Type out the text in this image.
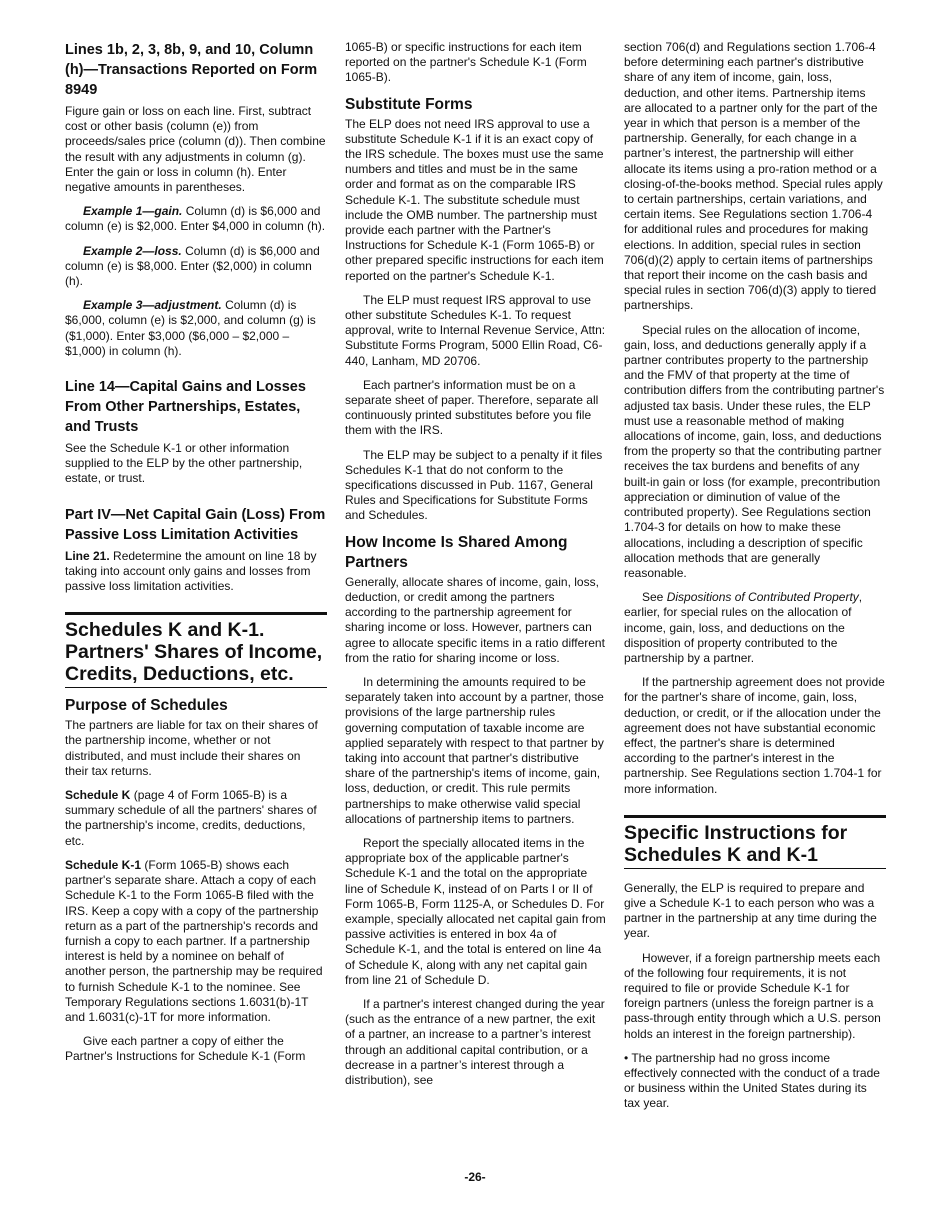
Lines 1b, 2, 3, 8b, 9, and 10, Column (h)—Transactions Reported on Form 8949

Figure gain or loss on each line. First, subtract cost or other basis (column (e)) from proceeds/sales price (column (d)). Then combine the result with any adjustments in column (g). Enter the gain or loss in column (h). Enter negative amounts in parentheses.

Example 1—gain. Column (d) is $6,000 and column (e) is $2,000. Enter $4,000 in column (h).

Example 2—loss. Column (d) is $6,000 and column (e) is $8,000. Enter ($2,000) in column (h).

Example 3—adjustment. Column (d) is $6,000, column (e) is $2,000, and column (g) is ($1,000). Enter $3,000 ($6,000 – $2,000 – $1,000) in column (h).

Line 14—Capital Gains and Losses From Other Partnerships, Estates, and Trusts

See the Schedule K-1 or other information supplied to the ELP by the other partnership, estate, or trust.

Part IV—Net Capital Gain (Loss) From Passive Loss Limitation Activities

Line 21. Redetermine the amount on line 18 by taking into account only gains and losses from passive loss limitation activities.

Schedules K and K-1. Partners' Shares of Income, Credits, Deductions, etc.
Purpose of Schedules

The partners are liable for tax on their shares of the partnership income, whether or not distributed, and must include their shares on their tax returns.

Schedule K (page 4 of Form 1065-B) is a summary schedule of all the partners' shares of the partnership's income, credits, deductions, etc.

Schedule K-1 (Form 1065-B) shows each partner's separate share. Attach a copy of each Schedule K-1 to the Form 1065-B filed with the IRS. Keep a copy with a copy of the partnership return as a part of the partnership's records and furnish a copy to each partner. If a partnership interest is held by a nominee on behalf of another person, the partnership may be required to furnish Schedule K-1 to the nominee. See Temporary Regulations sections 1.6031(b)-1T and 1.6031(c)-1T for more information.

Give each partner a copy of either the Partner's Instructions for Schedule K-1 (Form

1065-B) or specific instructions for each item reported on the partner's Schedule K-1 (Form 1065-B).

Substitute Forms

The ELP does not need IRS approval to use a substitute Schedule K-1 if it is an exact copy of the IRS schedule. The boxes must use the same numbers and titles and must be in the same order and format as on the comparable IRS Schedule K-1. The substitute schedule must include the OMB number. The partnership must provide each partner with the Partner's Instructions for Schedule K-1 (Form 1065-B) or other prepared specific instructions for each item reported on the partner's Schedule K-1.

The ELP must request IRS approval to use other substitute Schedules K-1. To request approval, write to Internal Revenue Service, Attn: Substitute Forms Program, 5000 Ellin Road, C6-440, Lanham, MD 20706.

Each partner's information must be on a separate sheet of paper. Therefore, separate all continuously printed substitutes before you file them with the IRS.

The ELP may be subject to a penalty if it files Schedules K-1 that do not conform to the specifications discussed in Pub. 1167, General Rules and Specifications for Substitute Forms and Schedules.

How Income Is Shared Among Partners

Generally, allocate shares of income, gain, loss, deduction, or credit among the partners according to the partnership agreement for sharing income or loss. However, partners can agree to allocate specific items in a ratio different from the ratio for sharing income or loss.

In determining the amounts required to be separately taken into account by a partner, those provisions of the large partnership rules governing computation of taxable income are applied separately with respect to that partner by taking into account that partner's distributive share of the partnership's items of income, gain, loss, deduction, or credit. This rule permits partnerships to make otherwise valid special allocations of partnership items to partners.

Report the specially allocated items in the appropriate box of the applicable partner's Schedule K-1 and the total on the appropriate line of Schedule K, instead of on Parts I or II of Form 1065-B, Form 1125-A, or Schedules D. For example, specially allocated net capital gain from passive activities is entered in box 4a of Schedule K-1, and the total is entered on line 4a of Schedule K, along with any net capital gain from line 21 of Schedule D.

If a partner's interest changed during the year (such as the entrance of a new partner, the exit of a partner, an increase to a partner’s interest through an additional capital contribution, or a decrease in a partner’s interest through a distribution), see

section 706(d) and Regulations section 1.706-4 before determining each partner's distributive share of any item of income, gain, loss, deduction, and other items. Partnership items are allocated to a partner only for the part of the year in which that person is a member of the partnership. Generally, for each change in a partner’s interest, the partnership will either allocate its items using a pro-ration method or a closing-of-the-books method. Special rules apply to certain partnerships, certain variations, and certain items. See Regulations section 1.706-4 for additional rules and procedures for making elections. In addition, special rules in section 706(d)(2) apply to certain items of partnerships that report their income on the cash basis and special rules in section 706(d)(3) apply to tiered partnerships.

Special rules on the allocation of income, gain, loss, and deductions generally apply if a partner contributes property to the partnership and the FMV of that property at the time of contribution differs from the contributing partner's adjusted tax basis. Under these rules, the ELP must use a reasonable method of making allocations of income, gain, loss, and deductions from the property so that the contributing partner receives the tax burdens and benefits of any built-in gain or loss (for example, precontribution appreciation or diminution of value of the contributed property). See Regulations section 1.704-3 for details on how to make these allocations, including a description of specific allocation methods that are generally reasonable.

See Dispositions of Contributed Property, earlier, for special rules on the allocation of income, gain, loss, and deductions on the disposition of property contributed to the partnership by a partner.

If the partnership agreement does not provide for the partner's share of income, gain, loss, deduction, or credit, or if the allocation under the agreement does not have substantial economic effect, the partner's share is determined according to the partner's interest in the partnership. See Regulations section 1.704-1 for more information.

Specific Instructions for Schedules K and K-1

Generally, the ELP is required to prepare and give a Schedule K-1 to each person who was a partner in the partnership at any time during the year.

However, if a foreign partnership meets each of the following four requirements, it is not required to file or provide Schedule K-1 for foreign partners (unless the foreign partner is a pass-through entity through which a U.S. person holds an interest in the foreign partnership).

• The partnership had no gross income effectively connected with the conduct of a trade or business within the United States during its tax year.

-26-
